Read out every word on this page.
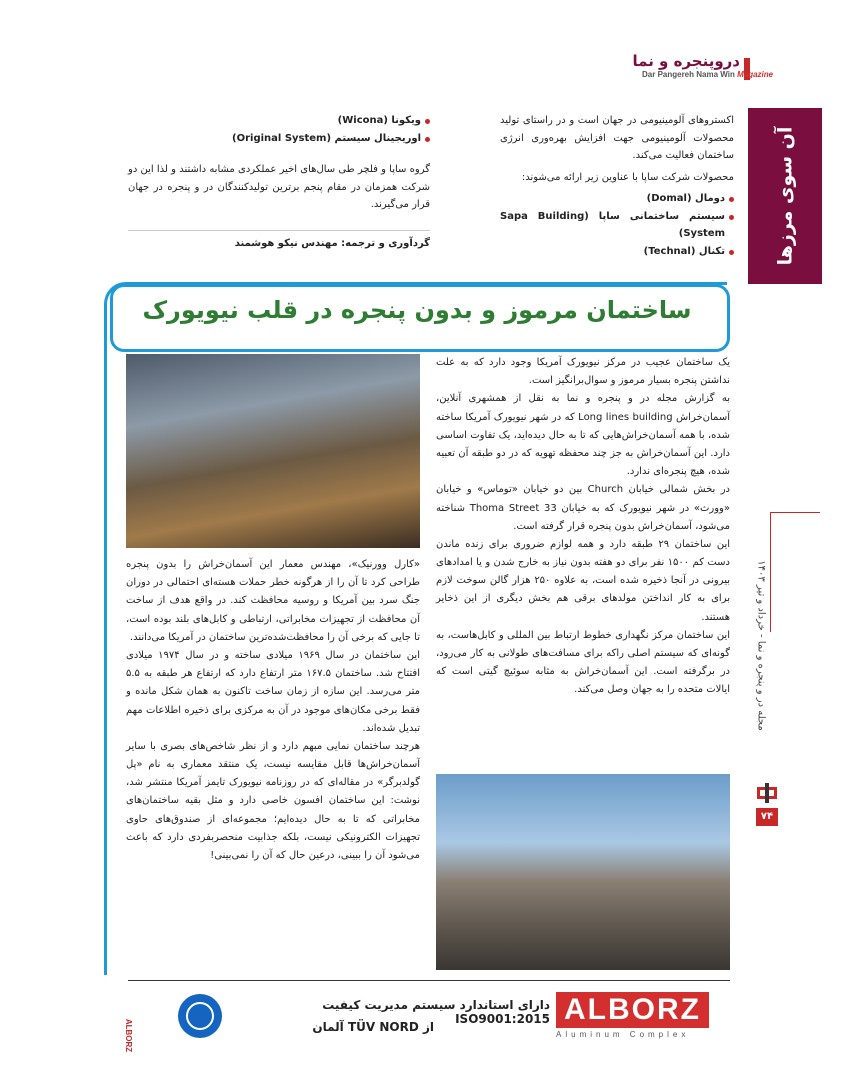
دروپنجره و نما
Dar Pangereh Nama Win Magazine
آن سوی مرزها
مجله در و پنجره و نما - خرداد و تیر ۱۴۰۳
۷۴

اکستروهای آلومینیومی در جهان است و در راستای تولید محصولات آلومینیومی جهت افزایش بهره‌وری انرژی ساختمان فعالیت می‌کند.

محصولات شرکت ساپا با عناوین زیر ارائه می‌شوند:

دومال (Domal)
سیستم ساختمانی ساپا (Sapa Building System)
تکنال (Technal)
ویکونا (Wicona)
اوریجینال سیستم (Original System)

گروه ساپا و فلچر طی سال‌های اخیر عملکردی مشابه داشتند و لذا این دو شرکت همزمان در مقام پنجم برترین تولیدکنندگان در و پنجره در جهان قرار می‌گیرند.

گردآوری و ترجمه: مهندس نیکو هوشمند
ساختمان مرموز و بدون پنجره در قلب نیویورک

یک ساختمان عجیب در مرکز نیویورک آمریکا وجود دارد که به علت نداشتن پنجره بسیار مرموز و سوال‌برانگیز است.

به گزارش مجله در و پنجره و نما به نقل از همشهری آنلاین، آسمان‌خراش Long lines building که در شهر نیویورک آمریکا ساخته شده، با همه آسمان‌خراش‌هایی که تا به حال دیده‌اید، یک تفاوت اساسی دارد. این آسمان‌خراش به جز چند محفظه تهویه که در دو طبقه آن تعبیه شده، هیچ پنجره‌ای ندارد.

در بخش شمالی خیابان Church بین دو خیابان «توماس» و خیابان «وورث» در شهر نیویورک که به خیابان Thoma Street 33 شناخته می‌شود، آسمان‌خراش بدون پنجره قرار گرفته است.

این ساختمان ۲۹ طبقه دارد و همه لوازم ضروری برای زنده ماندن دست کم ۱۵۰۰ نفر برای دو هفته بدون نیاز به خارج شدن و یا امدادهای بیرونی در آنجا ذخیره شده است، به علاوه ۲۵۰ هزار گالن سوخت لازم برای به کار انداختن مولدهای برقی هم بخش دیگری از این ذخایر هستند.

این ساختمان مرکز نگهداری خطوط ارتباط بین المللی و کابل‌هاست، به گونه‌ای که سیستم اصلی راکه برای مسافت‌های طولانی به کار می‌رود، در برگرفته است. این آسمان‌خراش به مثابه سوئیچ گیتی است که ایالات متحده را به جهان وصل می‌کند.

«کارل وورنیک»، مهندس معمار این آسمان‌خراش را بدون پنجره طراحی کرد تا آن را از هرگونه خطر حملات هسته‌ای احتمالی در دوران جنگ سرد بین آمریکا و روسیه محافظت کند. در واقع هدف از ساخت آن محافظت از تجهیزات مخابراتی، ارتباطی و کابل‌های بلند بوده است، تا جایی که برخی آن را محافظت‌شده‌ترین ساختمان در آمریکا می‌دانند.

این ساختمان در سال ۱۹۶۹ میلادی ساخته و در سال ۱۹۷۴ میلادی افتتاح شد. ساختمان ۱۶۷.۵ متر ارتفاع دارد که ارتفاع هر طبقه به ۵.۵ متر می‌رسد. این سازه از زمان ساخت تاکنون به همان شکل مانده و فقط برخی مکان‌های موجود در آن به مرکزی برای ذخیره اطلاعات مهم تبدیل شده‌اند.

هرچند ساختمان نمایی مبهم دارد و از نظر شاخص‌های بصری با سایر آسمان‌خراش‌ها قابل مقایسه نیست، یک منتقد معماری به نام «پل گولدبرگر» در مقاله‌ای که در روزنامه نیویورک تایمز آمریکا منتشر شد، نوشت: این ساختمان افسون خاصی دارد و مثل بقیه ساختمان‌های مخابراتی که تا به حال دیده‌ایم؛ مجموعه‌ای از صندوق‌های حاوی تجهیزات الکترونیکی نیست، بلکه جذابیت منحصربفردی دارد که باعث می‌شود آن را ببینی، درعین حال که آن را نمی‌بینی!

ALBORZ
Aluminum Complex
دارای استاندارد سیستم مدیریت کیفیت ISO9001:2015
از TÜV NORD آلمان
ALBORZ
